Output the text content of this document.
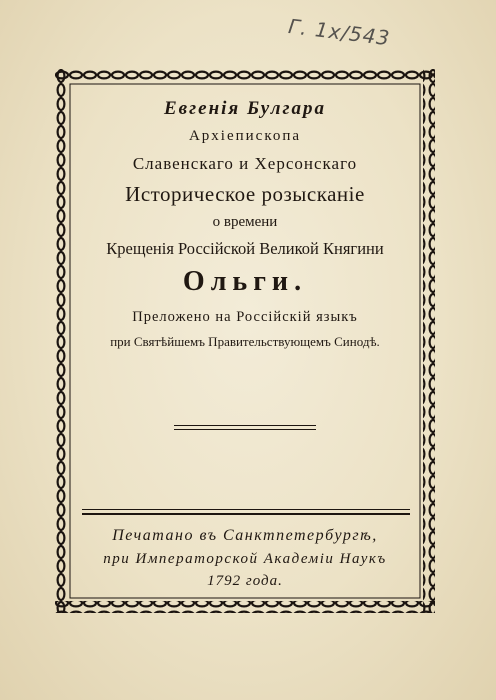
Г. 1x/543
Евгенія Булгара
Архіепископа
Славенскаго и Херсонскаго
Историческое розысканіе
о времени
Крещенія Россійской Великой Княгини
Ольги.
Преложено на Россійскій языкъ
при Святѣйшемъ Правительствующемъ Синодѣ.
Печатано въ Санктпетербургѣ,
при Императорской Академіи Наукъ
1792 года.
